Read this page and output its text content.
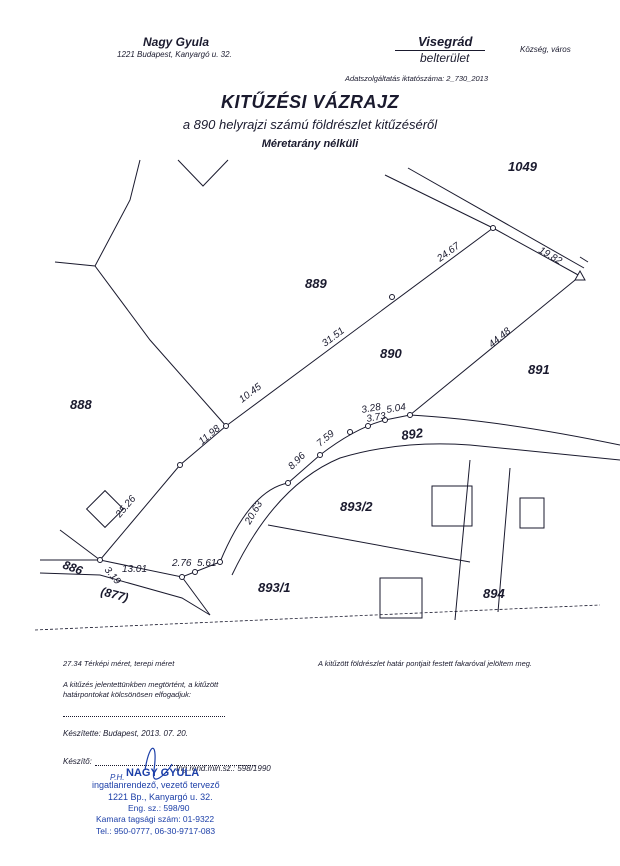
Nagy Gyula
1221 Budapest, Kanyargó u. 32.
Visegrád
belterület
Község, város
Adatszolgáltatás iktatószáma: 2_730_2013
KITŰZÉSI VÁZRAJZ
a 890 helyrajzi számú földrészlet kitűzéséről
Méretarány nélküli
1049
889
890
891
888
892
893/2
893/1	894
886
(877)
24.67	19.82
31.51	44.48
10.45
11.98
25.26
3.73
3.28 5.04
7.59
8.96
20.63
3.19 13.01
2.76 5.61
27.34 Térképi méret, terepi méret	A kitűzött földrészlet határ pontjait festett fakaróval jelöltem meg.
A kitűzés jelentettünkben megtörtént, a kitűzött
határpontokat kölcsönösen elfogadjuk:
Készítette: Budapest, 2013. 07. 20.
Készítő:
Ing.rend.min.sz.: 598/1990
P.H. NAGY GYULA
ingatlanrendező, vezető tervező
1221 Bp., Kanyargó u. 32.
Eng. sz.: 598/90
Kamara tagsági szám: 01-9322
Tel.: 950-0777, 06-30-9717-083
